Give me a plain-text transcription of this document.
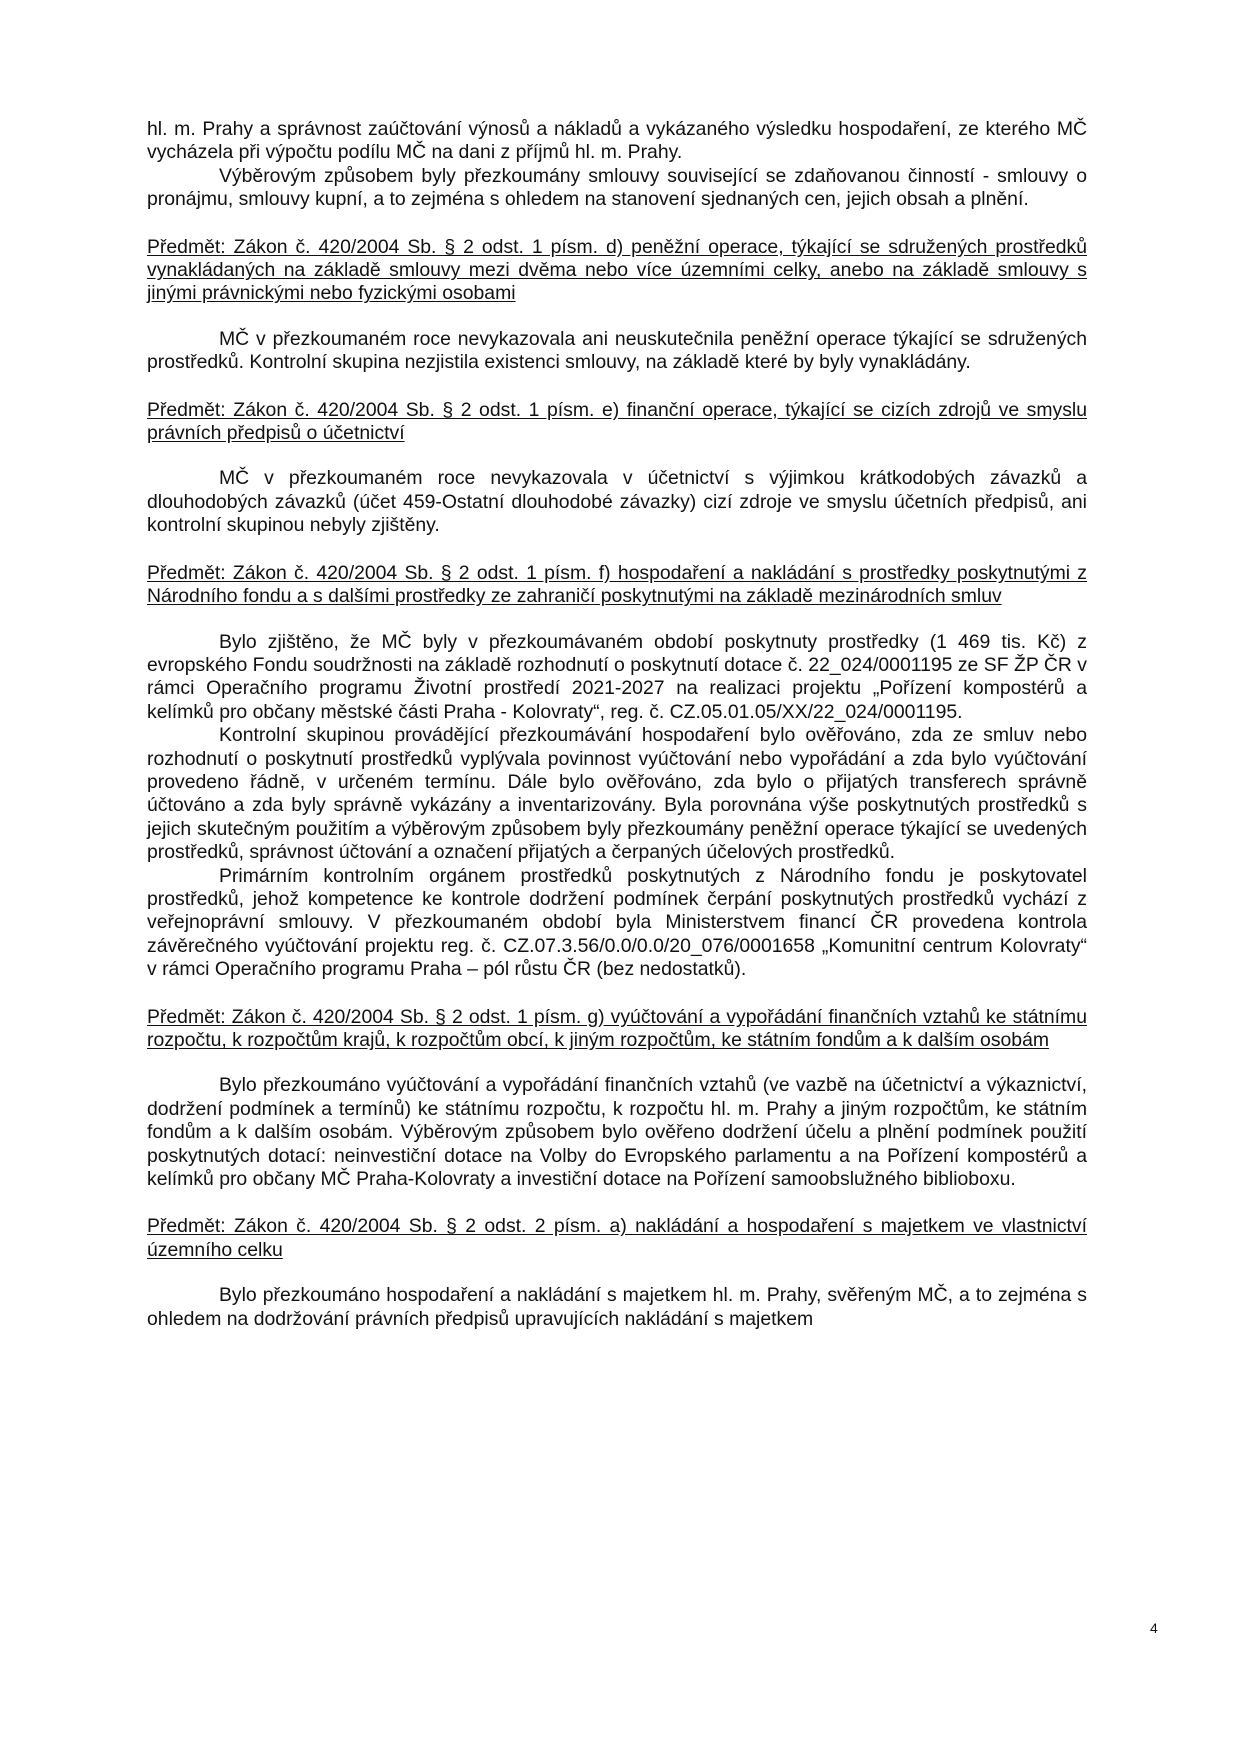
hl. m. Prahy a správnost zaúčtování výnosů a nákladů a vykázaného výsledku hospodaření, ze kterého MČ vycházela při výpočtu podílu MČ na dani z příjmů hl. m. Prahy.

Výběrovým způsobem byly přezkoumány smlouvy související se zdaňovanou činností - smlouvy o pronájmu, smlouvy kupní, a to zejména s ohledem na stanovení sjednaných cen, jejich obsah a plnění.

Předmět: Zákon č. 420/2004 Sb. § 2 odst. 1 písm. d) peněžní operace, týkající se sdružených prostředků vynakládaných na základě smlouvy mezi dvěma nebo více územními celky, anebo na základě smlouvy s jinými právnickými nebo fyzickými osobami

MČ v přezkoumaném roce nevykazovala ani neuskutečnila peněžní operace týkající se sdružených prostředků. Kontrolní skupina nezjistila existenci smlouvy, na základě které by byly vynakládány.

Předmět: Zákon č. 420/2004 Sb. § 2 odst. 1 písm. e) finanční operace, týkající se cizích zdrojů ve smyslu právních předpisů o účetnictví

MČ v přezkoumaném roce nevykazovala v účetnictví s výjimkou krátkodobých závazků a dlouhodobých závazků (účet 459-Ostatní dlouhodobé závazky) cizí zdroje ve smyslu účetních předpisů, ani kontrolní skupinou nebyly zjištěny.

Předmět: Zákon č. 420/2004 Sb. § 2 odst. 1 písm. f) hospodaření a nakládání s prostředky poskytnutými z Národního fondu a s dalšími prostředky ze zahraničí poskytnutými na základě mezinárodních smluv

Bylo zjištěno, že MČ byly v přezkoumávaném období poskytnuty prostředky (1 469 tis. Kč) z evropského Fondu soudržnosti na základě rozhodnutí o poskytnutí dotace č. 22_024/0001195 ze SF ŽP ČR v rámci Operačního programu Životní prostředí 2021-2027 na realizaci projektu „Pořízení kompostérů a kelímků pro občany městské části Praha - Kolovraty“, reg. č. CZ.05.01.05/XX/22_024/0001195.

Kontrolní skupinou provádějící přezkoumávání hospodaření bylo ověřováno, zda ze smluv nebo rozhodnutí o poskytnutí prostředků vyplývala povinnost vyúčtování nebo vypořádání a zda bylo vyúčtování provedeno řádně, v určeném termínu. Dále bylo ověřováno, zda bylo o přijatých transferech správně účtováno a zda byly správně vykázány a inventarizovány. Byla porovnána výše poskytnutých prostředků s jejich skutečným použitím a výběrovým způsobem byly přezkoumány peněžní operace týkající se uvedených prostředků, správnost účtování a označení přijatých a čerpaných účelových prostředků.

Primárním kontrolním orgánem prostředků poskytnutých z Národního fondu je poskytovatel prostředků, jehož kompetence ke kontrole dodržení podmínek čerpání poskytnutých prostředků vychází z veřejnoprávní smlouvy. V přezkoumaném období byla Ministerstvem financí ČR provedena kontrola závěrečného vyúčtování projektu reg. č. CZ.07.3.56/0.0/0.0/20_076/0001658 „Komunitní centrum Kolovraty“ v rámci Operačního programu Praha – pól růstu ČR (bez nedostatků).

Předmět: Zákon č. 420/2004 Sb. § 2 odst. 1 písm. g) vyúčtování a vypořádání finančních vztahů ke státnímu rozpočtu, k rozpočtům krajů, k rozpočtům obcí, k jiným rozpočtům, ke státním fondům a k dalším osobám

Bylo přezkoumáno vyúčtování a vypořádání finančních vztahů (ve vazbě na účetnictví a výkaznictví, dodržení podmínek a termínů) ke státnímu rozpočtu, k rozpočtu hl. m. Prahy a jiným rozpočtům, ke státním fondům a k dalším osobám. Výběrovým způsobem bylo ověřeno dodržení účelu a plnění podmínek použití poskytnutých dotací: neinvestiční dotace na Volby do Evropského parlamentu a na Pořízení kompostérů a kelímků pro občany MČ Praha-Kolovraty a investiční dotace na Pořízení samoobslužného biblioboxu.

Předmět: Zákon č. 420/2004 Sb. § 2 odst. 2 písm. a) nakládání a hospodaření s majetkem ve vlastnictví územního celku

Bylo přezkoumáno hospodaření a nakládání s majetkem hl. m. Prahy, svěřeným MČ, a to zejména s ohledem na dodržování právních předpisů upravujících nakládání s majetkem

4
